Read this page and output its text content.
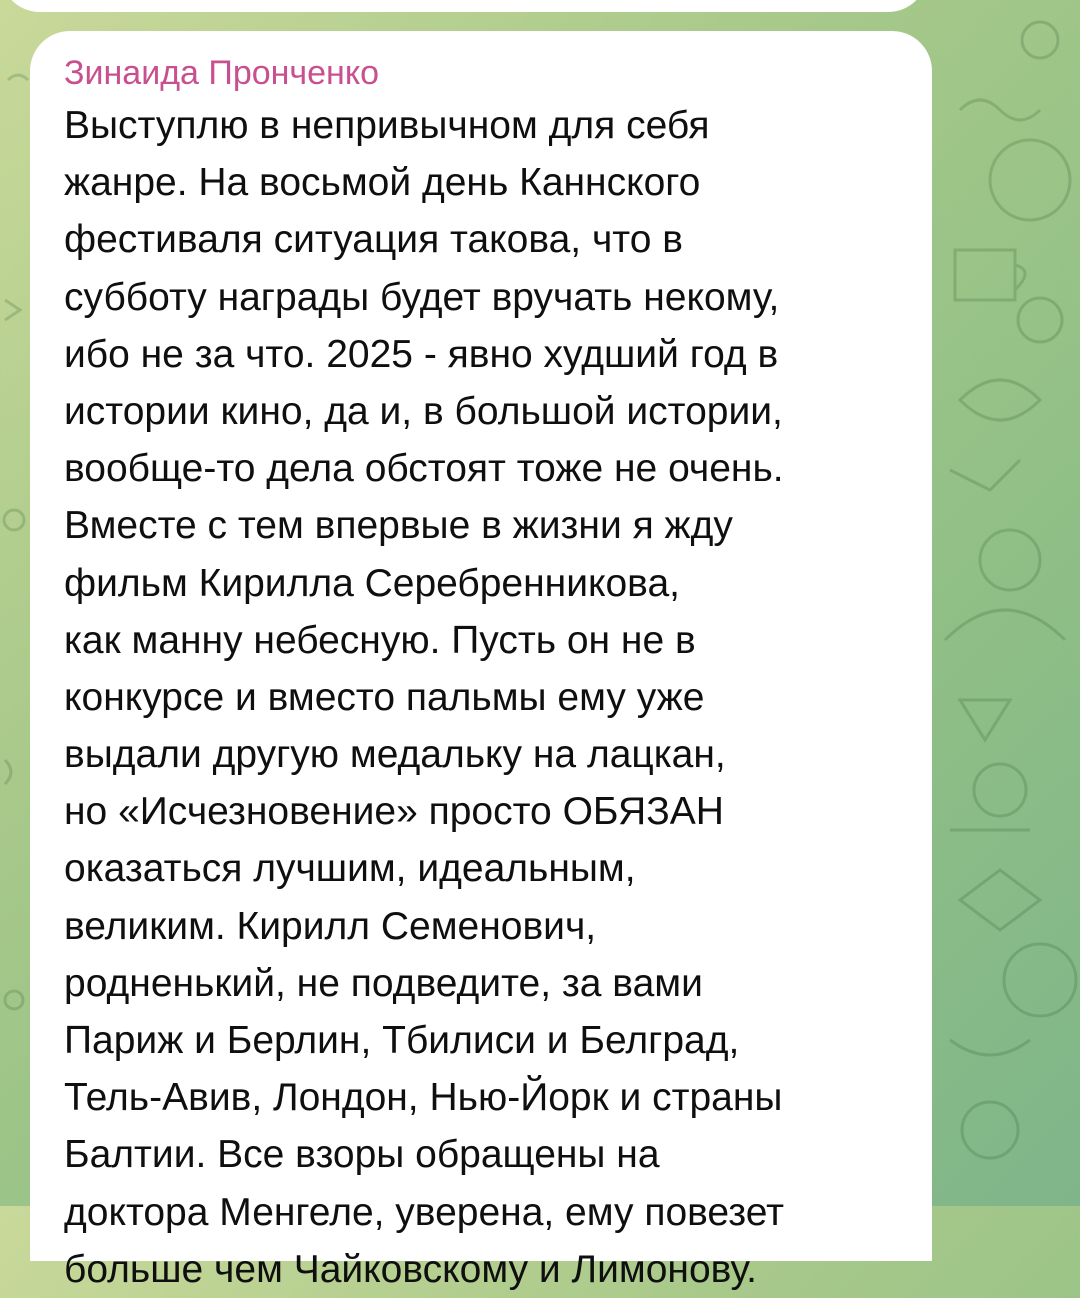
Зинаида Пронченко
Выступлю в непривычном для себя
жанре. На восьмой день Каннского
фестиваля ситуация такова, что в
субботу награды будет вручать некому,
ибо не за что. 2025 - явно худший год в
истории кино, да и, в большой истории,
вообще-то дела обстоят тоже не очень.
Вместе с тем впервые в жизни я жду
фильм Кирилла Серебренникова,
как манну небесную. Пусть он не в
конкурсе и вместо пальмы ему уже
выдали другую медальку на лацкан,
но «Исчезновение» просто ОБЯЗАН
оказаться лучшим, идеальным,
великим. Кирилл Семенович,
родненький, не подведите, за вами
Париж и Берлин, Тбилиси и Белград,
Тель-Авив, Лондон, Нью-Йорк и страны
Балтии. Все взоры обращены на
доктора Менгеле, уверена, ему повезет
больше чем Чайковскому и Лимонову.
